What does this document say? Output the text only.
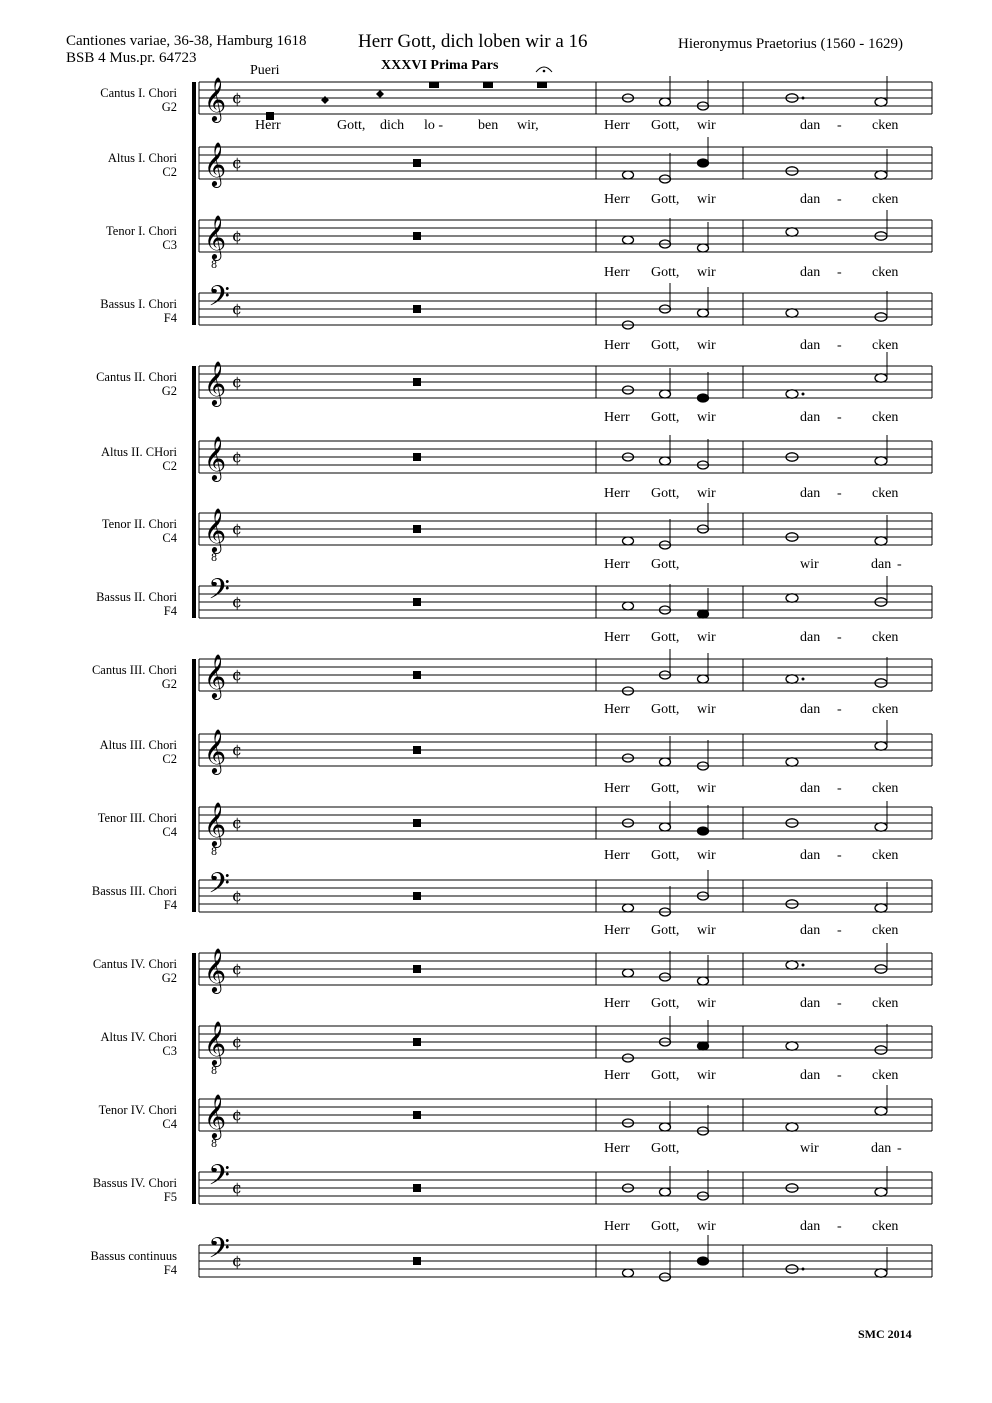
Cantiones variae, 36-38, Hamburg 1618
BSB 4 Mus.pr. 64723
Herr Gott, dich loben wir a 16	Hieronymus Praetorius (1560 - 1629)
XXXVI Prima Pars
Pueri
SMC 2014
𝄞 ¢
𝄞 ¢
𝄞
8
¢
𝄢 ¢
𝄞 ¢
𝄞 ¢
𝄞
8
¢
𝄢 ¢
𝄞 ¢
𝄞 ¢
𝄞
8
¢
𝄢 ¢
𝄞 ¢
𝄞
8
¢
𝄞
8
¢
𝄢 ¢
𝄢 ¢
Cantus I. Chori
G2
Altus I. Chori
C2
Tenor I. Chori
C3
Bassus I. Chori
F4
Cantus II. Chori
G2
Altus II. CHori
C2
Tenor II. Chori
C4
Bassus II. Chori
F4
Cantus III. Chori
G2
Altus III. Chori
C2
Tenor III. Chori
C4
Bassus III. Chori
F4
Cantus IV. Chori
G2
Altus IV. Chori
C3
Tenor IV. Chori
C4
Bassus IV. Chori
F5
Bassus continuus
F4
Herr	Gott, dich lo - ben wir,	Herr Gott, wir	dan - cken
Herr Gott, wir	dan - cken
Herr Gott, wir	dan - cken
Herr Gott, wir	dan - cken
Herr Gott, wir	dan - cken
Herr Gott, wir	dan - cken
Herr Gott,	wir	dan -
Herr Gott, wir	dan - cken
Herr Gott, wir	dan - cken
Herr Gott, wir	dan - cken
Herr Gott, wir	dan - cken
Herr Gott, wir	dan - cken
Herr Gott, wir	dan - cken
Herr Gott, wir	dan - cken
Herr Gott,	wir	dan -
Herr Gott, wir	dan - cken
